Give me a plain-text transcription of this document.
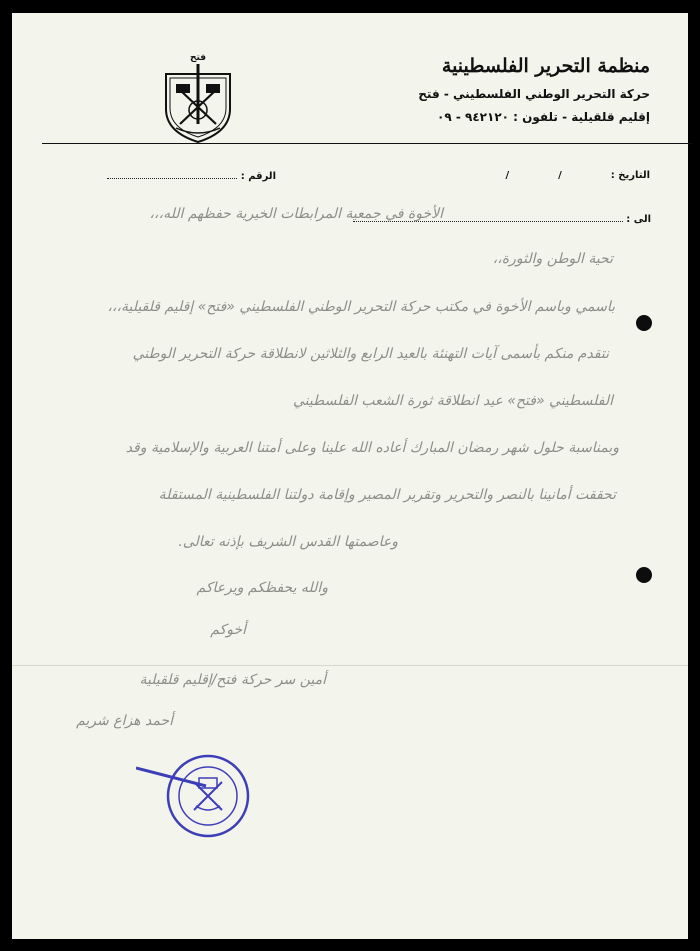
منظمة التحرير الفلسطينية
حركة التحرير الوطني الفلسطيني - فتح
إقليم قلقيلية - تلفون : ٩٤٢١٢٠ - ٠٩
فتح
التاريخ :  /  /
الرقم :
الى :
الأخوة في جمعية المرابطات الخيرية حفظهم الله،،،
تحية الوطن والثورة،،
باسمي وباسم الأخوة في مكتب حركة التحرير الوطني الفلسطيني «فتح» إقليم قلقيلية،،،
نتقدم منكم بأسمى آيات التهنئة بالعيد الرابع والثلاثين لانطلاقة حركة التحرير الوطني
الفلسطيني «فتح» عيد انطلاقة ثورة الشعب الفلسطيني
وبمناسبة حلول شهر رمضان المبارك أعاده الله علينا وعلى أمتنا العربية والإسلامية وقد
تحققت أمانينا بالنصر والتحرير وتقرير المصير وإقامة دولتنا الفلسطينية المستقلة
وعاصمتها القدس الشريف بإذنه تعالى.
والله يحفظكم ويرعاكم
أخوكم
أمين سر حركة فتح/إقليم قلقيلية
أحمد هزاع شريم
